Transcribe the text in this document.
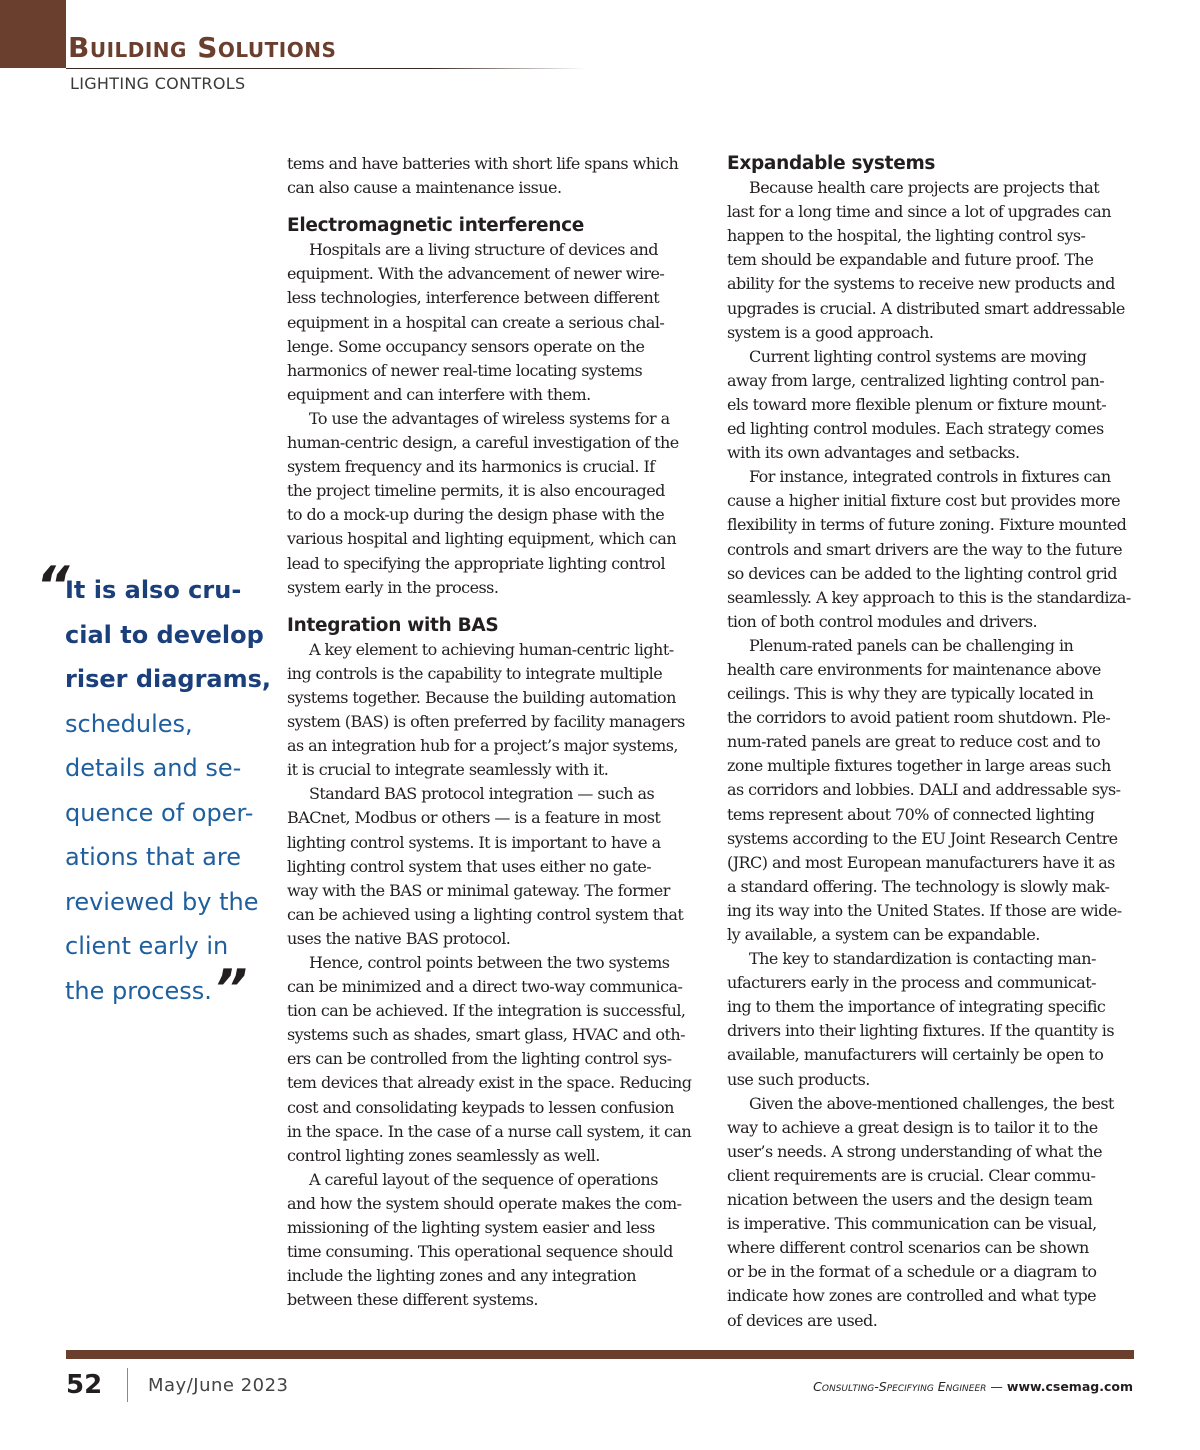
Building Solutions
LIGHTING CONTROLS
“
It is also cru-
cial to develop
riser diagrams,
schedules,
details and se-
quence of oper-
ations that are
reviewed by the
client early in
the process.”
tems and have batteries with short life spans which
can also cause a maintenance issue.
Electromagnetic interference
Hospitals are a living structure of devices and
equipment. With the advancement of newer wire-
less technologies, interference between different
equipment in a hospital can create a serious chal-
lenge. Some occupancy sensors operate on the
harmonics of newer real-time locating systems
equipment and can interfere with them.
To use the advantages of wireless systems for a
human-centric design, a careful investigation of the
system frequency and its harmonics is crucial. If
the project timeline permits, it is also encouraged
to do a mock-up during the design phase with the
various hospital and lighting equipment, which can
lead to specifying the appropriate lighting control
system early in the process.
Integration with BAS
A key element to achieving human-centric light-
ing controls is the capability to integrate multiple
systems together. Because the building automation
system (BAS) is often preferred by facility managers
as an integration hub for a project’s major systems,
it is crucial to integrate seamlessly with it.
Standard BAS protocol integration — such as
BACnet, Modbus or others — is a feature in most
lighting control systems. It is important to have a
lighting control system that uses either no gate-
way with the BAS or minimal gateway. The former
can be achieved using a lighting control system that
uses the native BAS protocol.
Hence, control points between the two systems
can be minimized and a direct two-way communica-
tion can be achieved. If the integration is successful,
systems such as shades, smart glass, HVAC and oth-
ers can be controlled from the lighting control sys-
tem devices that already exist in the space. Reducing
cost and consolidating keypads to lessen confusion
in the space. In the case of a nurse call system, it can
control lighting zones seamlessly as well.
A careful layout of the sequence of operations
and how the system should operate makes the com-
missioning of the lighting system easier and less
time consuming. This operational sequence should
include the lighting zones and any integration
between these different systems.
Expandable systems
Because health care projects are projects that
last for a long time and since a lot of upgrades can
happen to the hospital, the lighting control sys-
tem should be expandable and future proof. The
ability for the systems to receive new products and
upgrades is crucial. A distributed smart addressable
system is a good approach.
Current lighting control systems are moving
away from large, centralized lighting control pan-
els toward more flexible plenum or fixture mount-
ed lighting control modules. Each strategy comes
with its own advantages and setbacks.
For instance, integrated controls in fixtures can
cause a higher initial fixture cost but provides more
flexibility in terms of future zoning. Fixture mounted
controls and smart drivers are the way to the future
so devices can be added to the lighting control grid
seamlessly. A key approach to this is the standardiza-
tion of both control modules and drivers.
Plenum-rated panels can be challenging in
health care environments for maintenance above
ceilings. This is why they are typically located in
the corridors to avoid patient room shutdown. Ple-
num-rated panels are great to reduce cost and to
zone multiple fixtures together in large areas such
as corridors and lobbies. DALI and addressable sys-
tems represent about 70% of connected lighting
systems according to the EU Joint Research Centre
(JRC) and most European manufacturers have it as
a standard offering. The technology is slowly mak-
ing its way into the United States. If those are wide-
ly available, a system can be expandable.
The key to standardization is contacting man-
ufacturers early in the process and communicat-
ing to them the importance of integrating specific
drivers into their lighting fixtures. If the quantity is
available, manufacturers will certainly be open to
use such products.
Given the above-mentioned challenges, the best
way to achieve a great design is to tailor it to the
user’s needs. A strong understanding of what the
client requirements are is crucial. Clear commu-
nication between the users and the design team
is imperative. This communication can be visual,
where different control scenarios can be shown
or be in the format of a schedule or a diagram to
indicate how zones are controlled and what type
of devices are used.
52	May/June 2023	Consulting-Specifying Engineer — www.csemag.com
